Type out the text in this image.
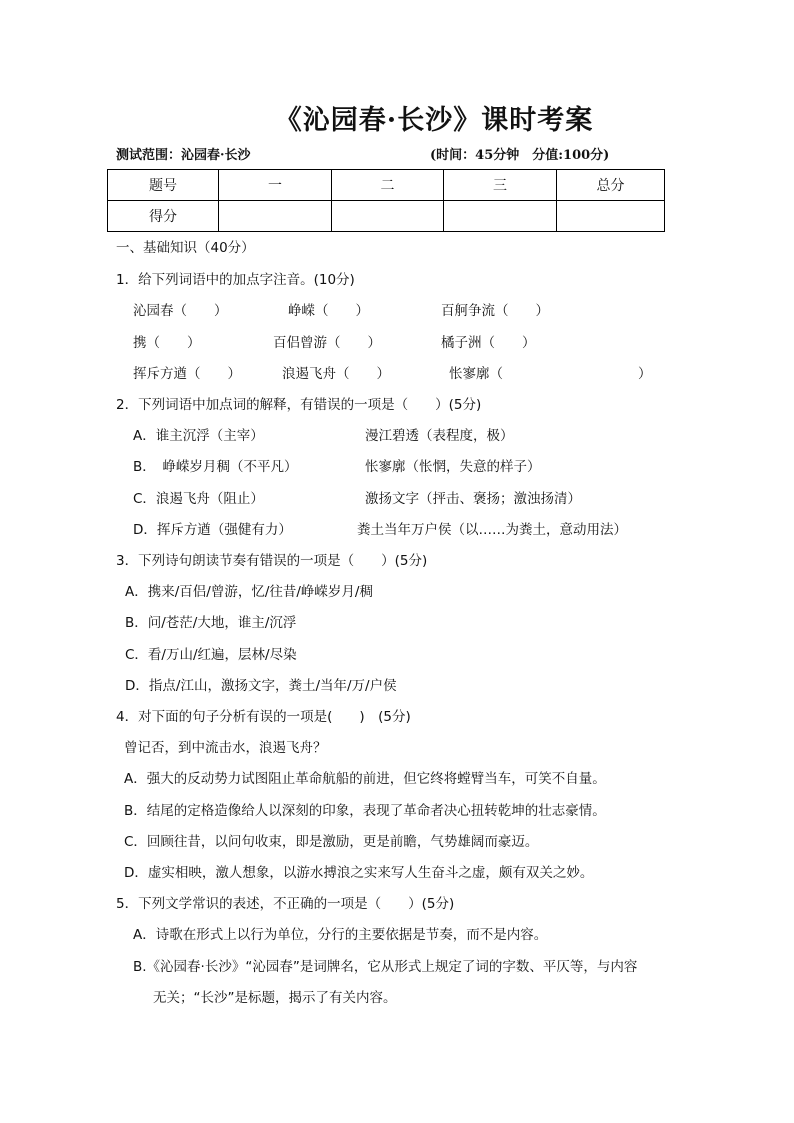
《沁园春·长沙》课时考案
测试范围：沁园春·长沙	(时间：45分钟　分值:100分)
题号	一	二	三	总分
得分				
一、基础知识（40分）
1．给下列词语中的加点字注音。(10分)
沁园春（　　）	峥嵘（　　）	百舸争流（　　）
携（　　）	百侣曾游（　　）	橘子洲（　　）
挥斥方遒（　　）	浪遏飞舟（　　）	怅寥廓（　　　　　　　　　　）
2．下列词语中加点词的解释，有错误的一项是（　　）(5分)
A．谁主沉浮（主宰）	漫江碧透（表程度，极）
B．　峥嵘岁月稠（不平凡）	怅寥廓（怅惘，失意的样子）
C．浪遏飞舟（阻止）	激扬文字（抨击、褒扬；激浊扬清）
D．挥斥方遒（强健有力）	粪土当年万户侯（以……为粪土，意动用法）
3．下列诗句朗读节奏有错误的一项是（　　）(5分)
A．携来/百侣/曾游，忆/往昔/峥嵘岁月/稠
B．问/苍茫/大地，谁主/沉浮
C．看/万山/红遍，层林/尽染
D．指点/江山，激扬文字，粪土/当年/万/户侯
4．对下面的句子分析有误的一项是(　　)　(5分)
曾记否，到中流击水，浪遏飞舟？
A．强大的反动势力试图阻止革命航船的前进，但它终将螳臂当车，可笑不自量。
B．结尾的定格造像给人以深刻的印象，表现了革命者决心扭转乾坤的壮志豪情。
C．回顾往昔，以问句收束，即是激励，更是前瞻，气势雄阔而豪迈。
D．虚实相映，激人想象，以游水搏浪之实来写人生奋斗之虚，颇有双关之妙。
5．下列文学常识的表述，不正确的一项是（　　）(5分)
A．诗歌在形式上以行为单位，分行的主要依据是节奏，而不是内容。
B.《沁园春·长沙》“沁园春”是词牌名，它从形式上规定了词的字数、平仄等，与内容
无关；“长沙”是标题，揭示了有关内容。
